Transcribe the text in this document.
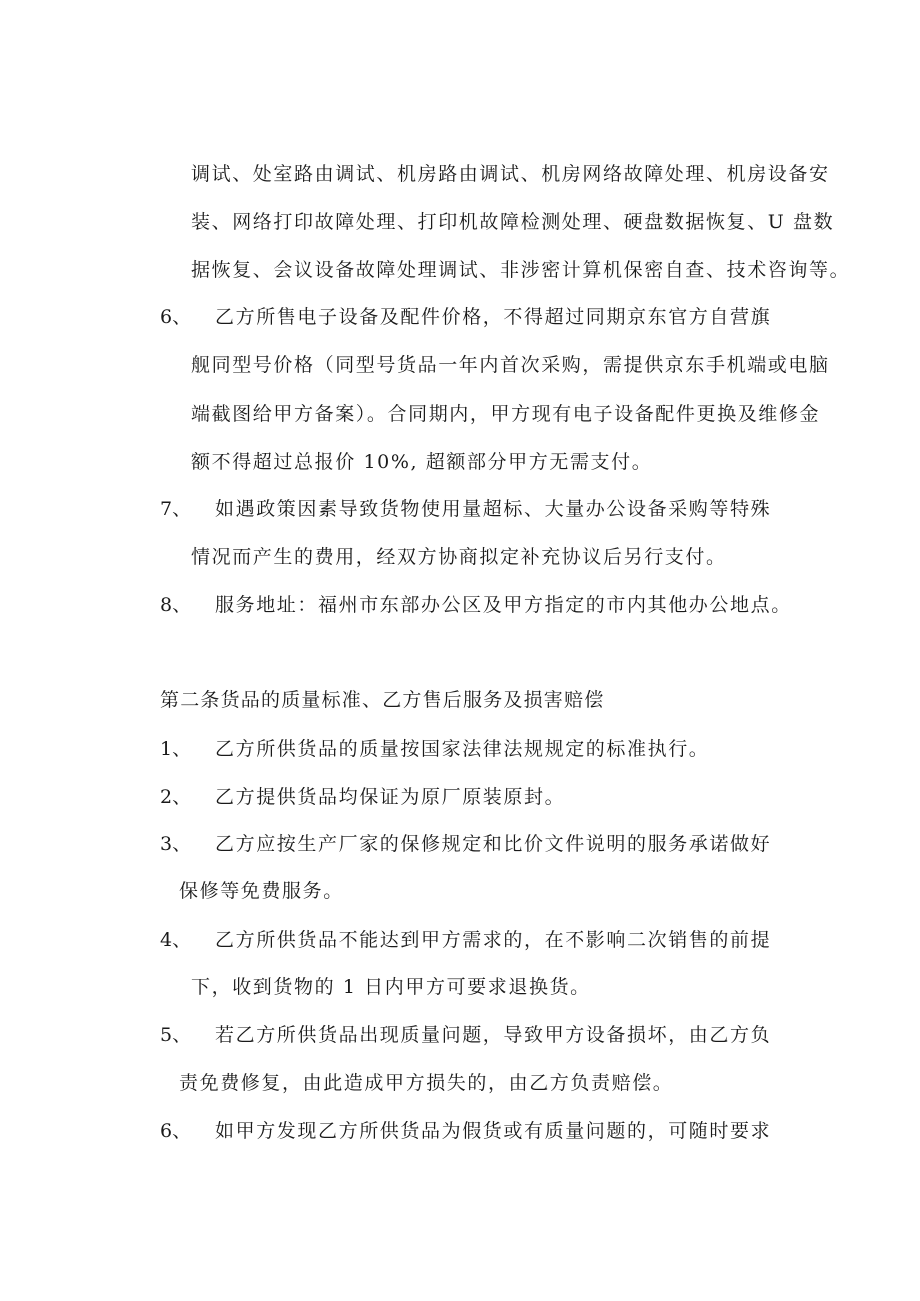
调试、处室路由调试、机房路由调试、机房网络故障处理、机房设备安
装、网络打印故障处理、打印机故障检测处理、硬盘数据恢复、U 盘数
据恢复、会议设备故障处理调试、非涉密计算机保密自查、技术咨询等。
6、 乙方所售电子设备及配件价格，不得超过同期京东官方自营旗
舰同型号价格（同型号货品一年内首次采购，需提供京东手机端或电脑
端截图给甲方备案）。合同期内，甲方现有电子设备配件更换及维修金
额不得超过总报价 10%, 超额部分甲方无需支付。
7、 如遇政策因素导致货物使用量超标、大量办公设备采购等特殊
情况而产生的费用，经双方协商拟定补充协议后另行支付。
8、 服务地址：福州市东部办公区及甲方指定的市内其他办公地点。
第二条货品的质量标准、乙方售后服务及损害赔偿
1、 乙方所供货品的质量按国家法律法规规定的标准执行。
2、 乙方提供货品均保证为原厂原装原封。
3、 乙方应按生产厂家的保修规定和比价文件说明的服务承诺做好
保修等免费服务。
4、 乙方所供货品不能达到甲方需求的，在不影响二次销售的前提
下，收到货物的 1 日内甲方可要求退换货。
5、 若乙方所供货品出现质量问题，导致甲方设备损坏，由乙方负
责免费修复，由此造成甲方损失的，由乙方负责赔偿。
6、 如甲方发现乙方所供货品为假货或有质量问题的，可随时要求
